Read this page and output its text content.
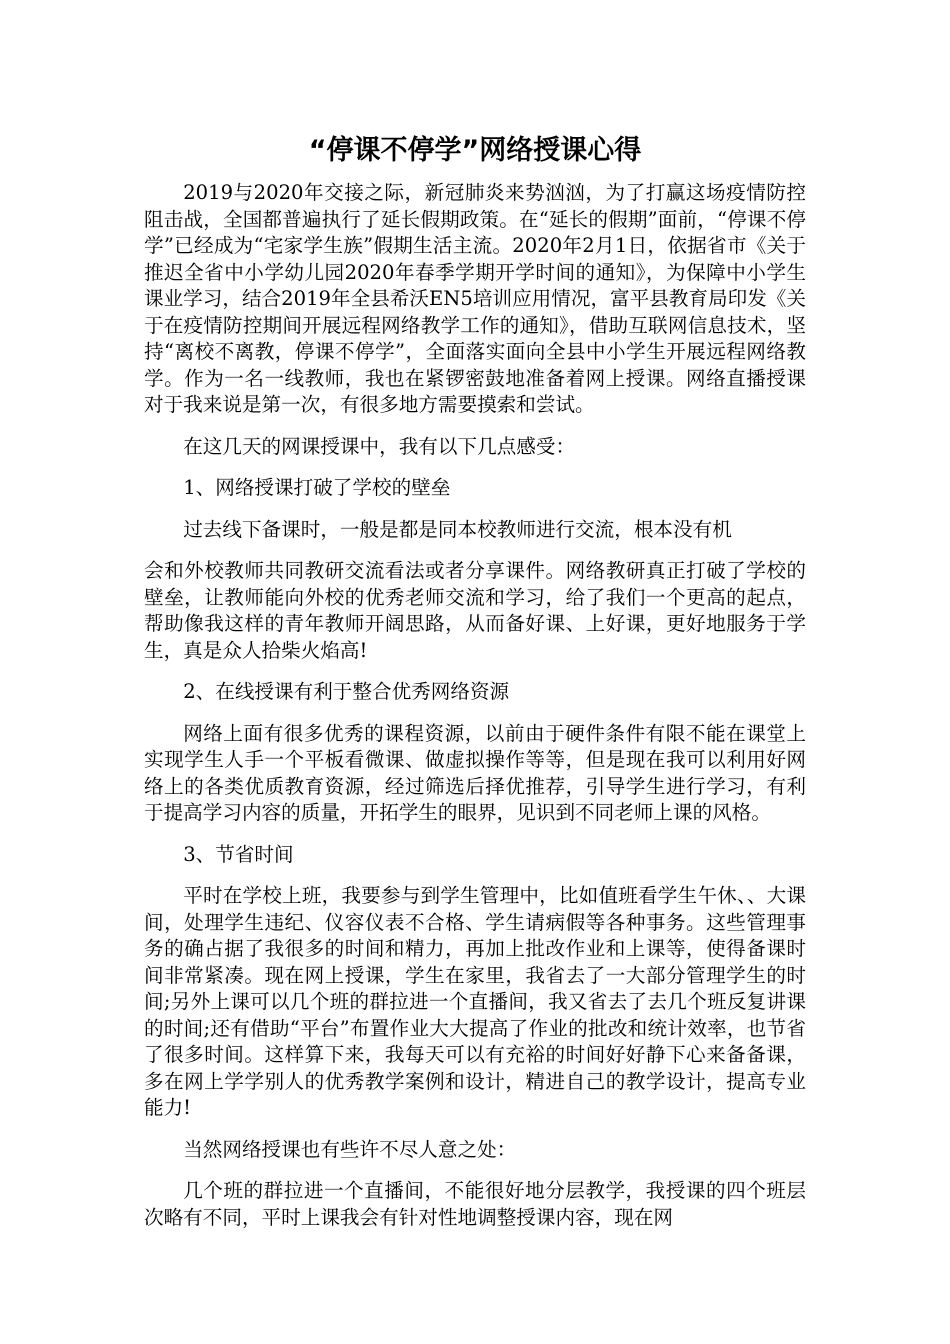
“停课不停学”网络授课心得

2019与2020年交接之际，新冠肺炎来势汹汹，为了打赢这场疫情防控阻击战，全国都普遍执行了延长假期政策。在“延长的假期”面前，“停课不停学”已经成为“宅家学生族”假期生活主流。2020年2月1日，依据省市《关于推迟全省中小学幼儿园2020年春季学期开学时间的通知》，为保障中小学生课业学习，结合2019年全县希沃EN5培训应用情况，富平县教育局印发《关于在疫情防控期间开展远程网络教学工作的通知》，借助互联网信息技术，坚持“离校不离教，停课不停学”，全面落实面向全县中小学生开展远程网络教学。作为一名一线教师，我也在紧锣密鼓地准备着网上授课。网络直播授课对于我来说是第一次，有很多地方需要摸索和尝试。

在这几天的网课授课中，我有以下几点感受：

1、网络授课打破了学校的壁垒

过去线下备课时，一般是都是同本校教师进行交流，根本没有机

会和外校教师共同教研交流看法或者分享课件。网络教研真正打破了学校的壁垒，让教师能向外校的优秀老师交流和学习，给了我们一个更高的起点，帮助像我这样的青年教师开阔思路，从而备好课、上好课，更好地服务于学生，真是众人拾柴火焰高!

2、在线授课有利于整合优秀网络资源

网络上面有很多优秀的课程资源，以前由于硬件条件有限不能在课堂上实现学生人手一个平板看微课、做虚拟操作等等，但是现在我可以利用好网络上的各类优质教育资源，经过筛选后择优推荐，引导学生进行学习，有利于提高学习内容的质量，开拓学生的眼界，见识到不同老师上课的风格。

3、节省时间

平时在学校上班，我要参与到学生管理中，比如值班看学生午休、、大课间，处理学生违纪、仪容仪表不合格、学生请病假等各种事务。这些管理事务的确占据了我很多的时间和精力，再加上批改作业和上课等，使得备课时间非常紧凑。现在网上授课，学生在家里，我省去了一大部分管理学生的时间;另外上课可以几个班的群拉进一个直播间，我又省去了去几个班反复讲课的时间;还有借助“平台”布置作业大大提高了作业的批改和统计效率，也节省了很多时间。这样算下来，我每天可以有充裕的时间好好静下心来备备课，多在网上学学别人的优秀教学案例和设计，精进自己的教学设计，提高专业能力!

当然网络授课也有些许不尽人意之处：

几个班的群拉进一个直播间，不能很好地分层教学，我授课的四个班层次略有不同，平时上课我会有针对性地调整授课内容，现在网
